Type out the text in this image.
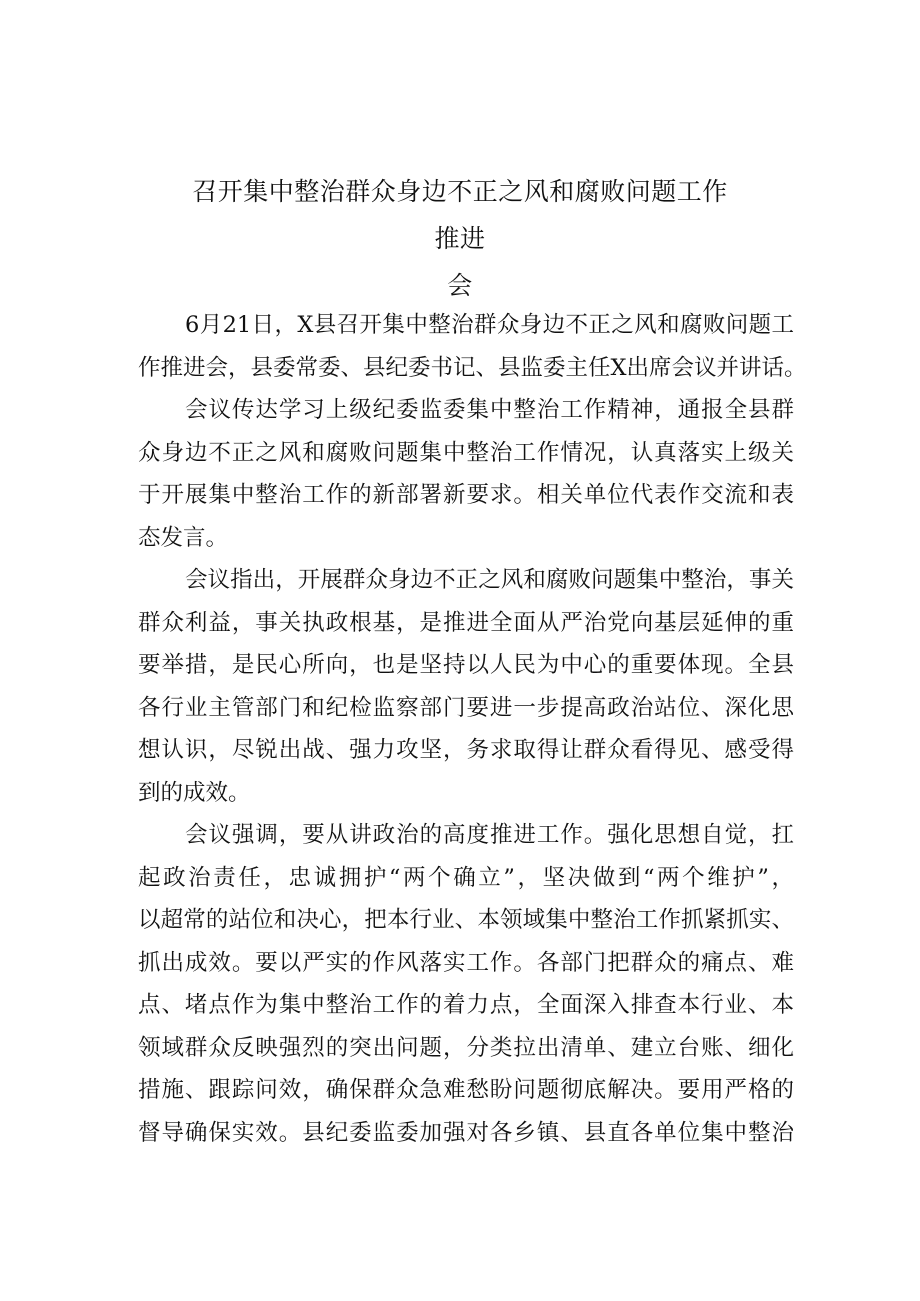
召开集中整治群众身边不正之风和腐败问题工作推进
会
6月21日，X县召开集中整治群众身边不正之风和腐败问题工
作推进会，县委常委、县纪委书记、县监委主任X出席会议并讲话。
会议传达学习上级纪委监委集中整治工作精神，通报全县群
众身边不正之风和腐败问题集中整治工作情况，认真落实上级关
于开展集中整治工作的新部署新要求。相关单位代表作交流和表
态发言。
会议指出，开展群众身边不正之风和腐败问题集中整治，事关
群众利益，事关执政根基，是推进全面从严治党向基层延伸的重
要举措，是民心所向，也是坚持以人民为中心的重要体现。全县
各行业主管部门和纪检监察部门要进一步提高政治站位、深化思
想认识，尽锐出战、强力攻坚，务求取得让群众看得见、感受得
到的成效。
会议强调，要从讲政治的高度推进工作。强化思想自觉，扛
起政治责任，忠诚拥护“两个确立”，坚决做到“两个维护”，
以超常的站位和决心，把本行业、本领域集中整治工作抓紧抓实、
抓出成效。要以严实的作风落实工作。各部门把群众的痛点、难
点、堵点作为集中整治工作的着力点，全面深入排查本行业、本
领域群众反映强烈的突出问题，分类拉出清单、建立台账、细化
措施、跟踪问效，确保群众急难愁盼问题彻底解决。要用严格的
督导确保实效。县纪委监委加强对各乡镇、县直各单位集中整治
